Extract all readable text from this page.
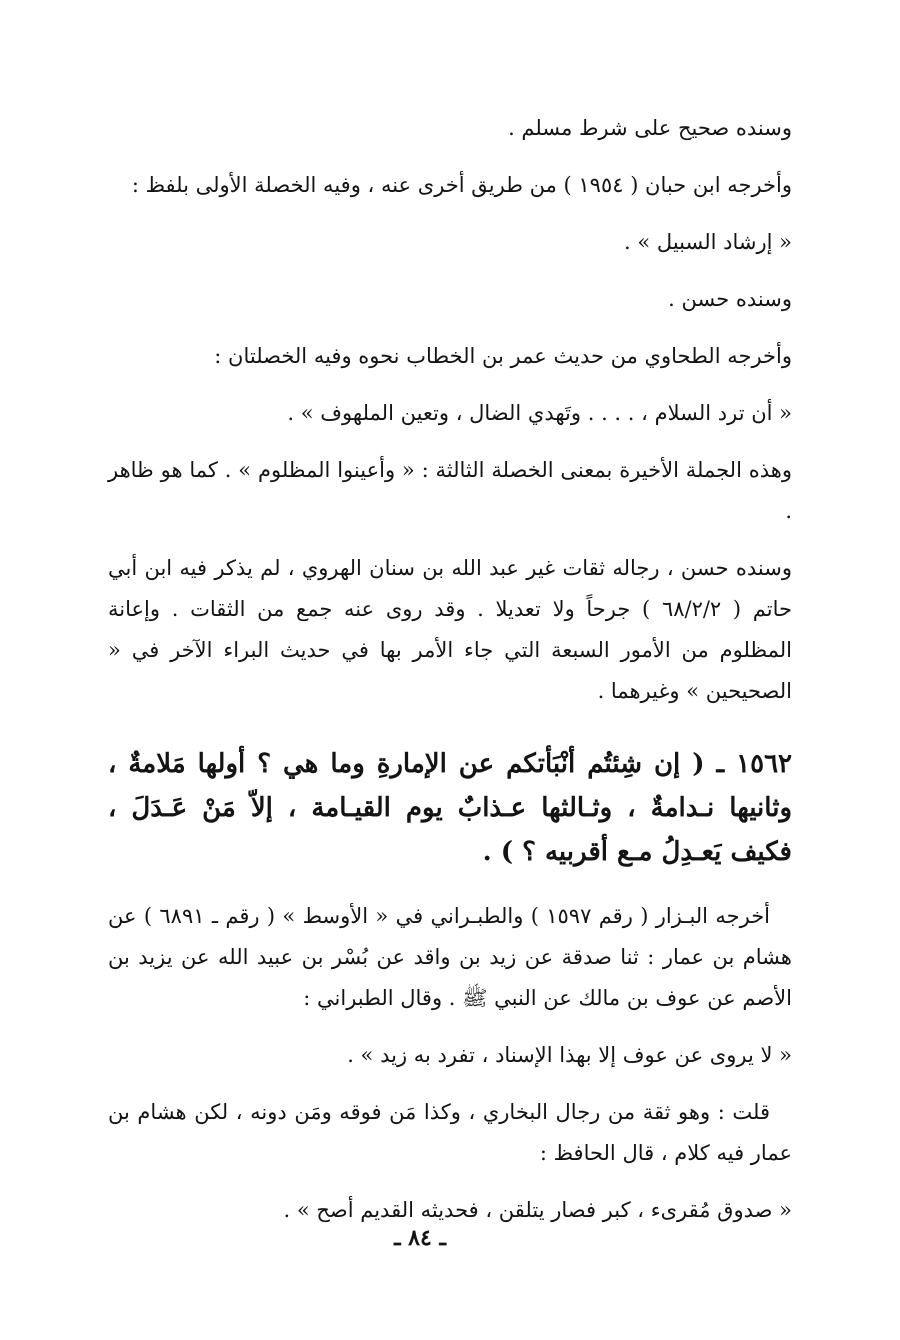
وسنده صحيح على شرط مسلم .

وأخرجه ابن حبان ( ١٩٥٤ ) من طريق أخرى عنه ، وفيه الخصلة الأولى بلفظ :

« إرشاد السبيل » .

وسنده حسن .

وأخرجه الطحاوي من حديث عمر بن الخطاب نحوه وفيه الخصلتان :

« أن ترد السلام ، . . . . وتَهدي الضال ، وتعين الملهوف » .

وهذه الجملة الأخيرة بمعنى الخصلة الثالثة : « وأعينوا المظلوم » . كما هو ظاهر .

وسنده حسن ، رجاله ثقات غير عبد الله بن سنان الهروي ، لم يذكر فيه ابن أبي حاتم ( ٦٨/٢/٢ ) جرحاً ولا تعديلا . وقد روى عنه جمع من الثقات . وإعانة المظلوم من الأمور السبعة التي جاء الأمر بها في حديث البراء الآخر في « الصحيحين » وغيرهما .

١٥٦٢ ـ ( إن شِئتُم أنْبَأتكم عن الإمارةِ وما هي ؟ أولها مَلامةٌ ، وثانيها نـدامةٌ ، وثـالثها عـذابٌ يوم القيـامة ، إلاّ مَنْ عَـدَلَ ، فكيف يَعـدِلُ مـع أقربيه ؟ ) .

أخرجه البـزار ( رقم ١٥٩٧ ) والطبـراني في « الأوسط » ( رقم ـ ٦٨٩١ ) عن هشام بن عمار : ثنا صدقة عن زيد بن واقد عن بُسْر بن عبيد الله عن يزيد بن الأصم عن عوف بن مالك عن النبي ﷺ . وقال الطبراني :

« لا يروى عن عوف إلا بهذا الإسناد ، تفرد به زيد » .

قلت : وهو ثقة من رجال البخاري ، وكذا مَن فوقه ومَن دونه ، لكن هشام بن عمار فيه كلام ، قال الحافظ :

« صدوق مُقرىء ، كبر فصار يتلقن ، فحديثه القديم أصح » .

ـ ٨٤ ـ
